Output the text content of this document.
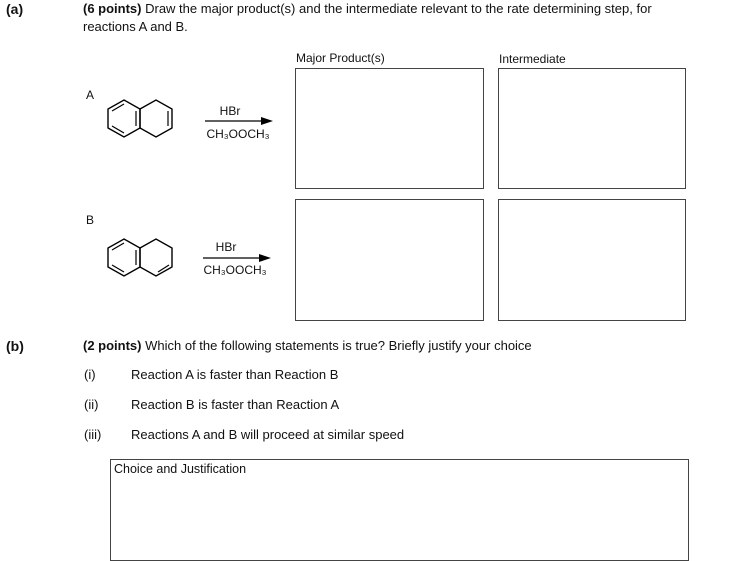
(a)	(6 points) Draw the major product(s) and the intermediate relevant to the rate determining step, for
reactions A and B.
Major Product(s)	Intermediate
A
HBr
CH₃OOCH₃
B
HBr
CH₃OOCH₃
(b)	(2 points) Which of the following statements is true? Briefly justify your choice
(i)	Reaction A is faster than Reaction B
(ii)	Reaction B is faster than Reaction A
(iii) Reactions A and B will proceed at similar speed
Choice and Justification
